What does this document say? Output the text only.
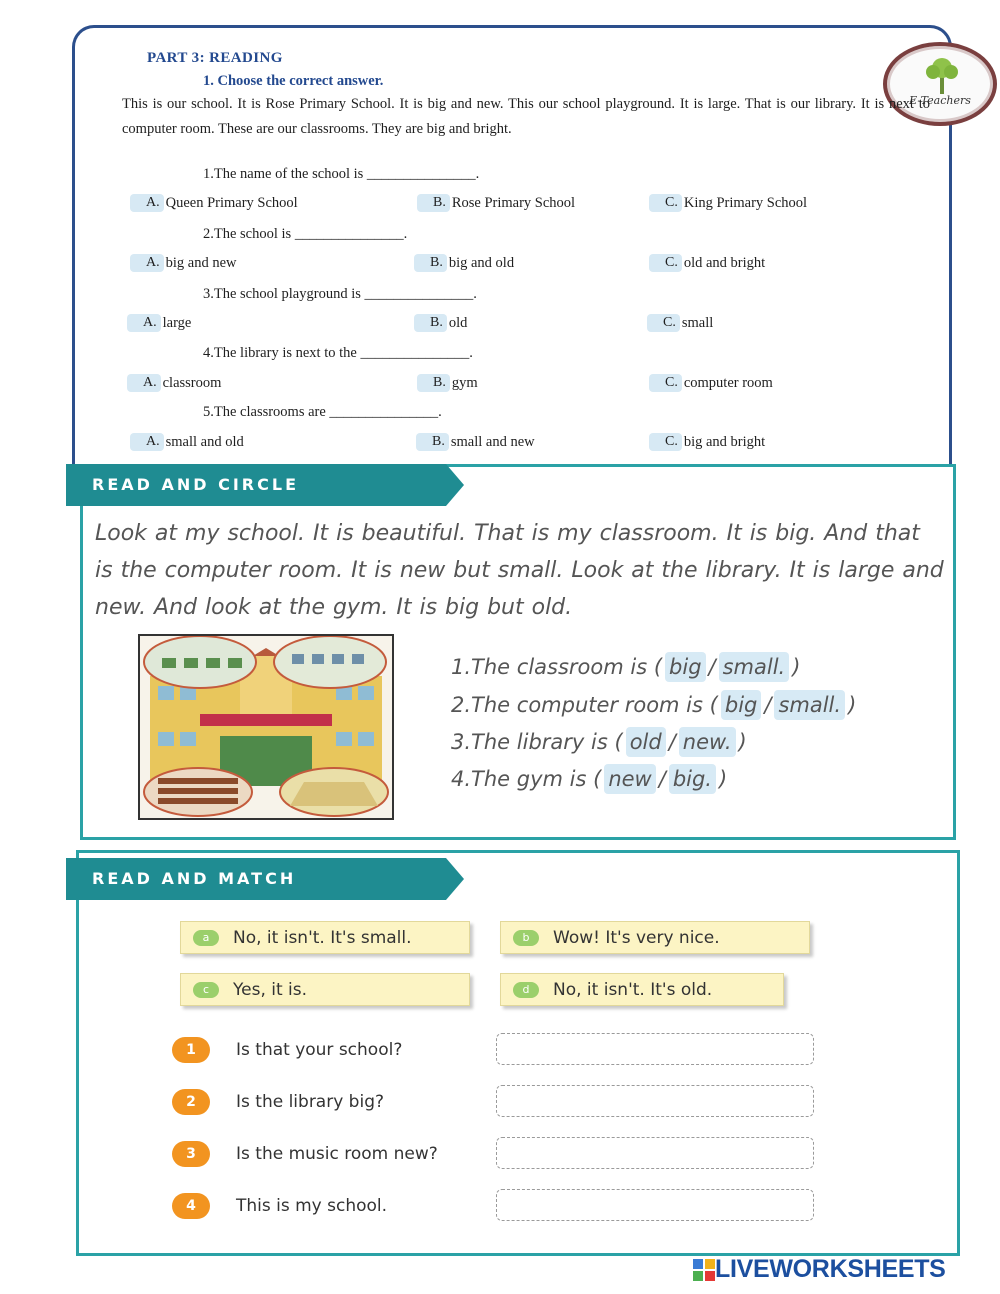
PART 3: READING
1. Choose the correct answer.
E-Teachers
This is our school. It is Rose Primary School. It is big and new. This our school playground. It is large. That is our library. It is next to computer room. These are our classrooms. They are big and bright.
1.The name of the school is _______________.
A. Queen Primary School	B. Rose Primary School	C. King Primary School
2.The school is _______________.
A. big and new	B. big and old	C. old and bright
3.The school playground is _______________.
A. large	B. old	C. small
4.The library is next to the _______________.
A. classroom	B. gym	C. computer room
5.The classrooms are _______________.
A. small and old	B. small and new	C. big and bright
READ AND CIRCLE
Look at my school. It is beautiful. That is my classroom. It is big. And that is the computer room. It is new but small. Look at the library. It is large and new. And look at the gym. It is big but old.
1.The classroom is
( big / small. )
2.The computer room is
( big / small. )
3.The library is
( old / new. )
4.The gym is
( new / big. )
READ AND MATCH
a	No, it isn't. It's small.	b	Wow! It's very nice.
c	Yes, it is.	d	No, it isn't. It's old.
1	Is that your school?
2	Is the library big?
3	Is the music room new?
4	This is my school.
LIVEWORKSHEETS
